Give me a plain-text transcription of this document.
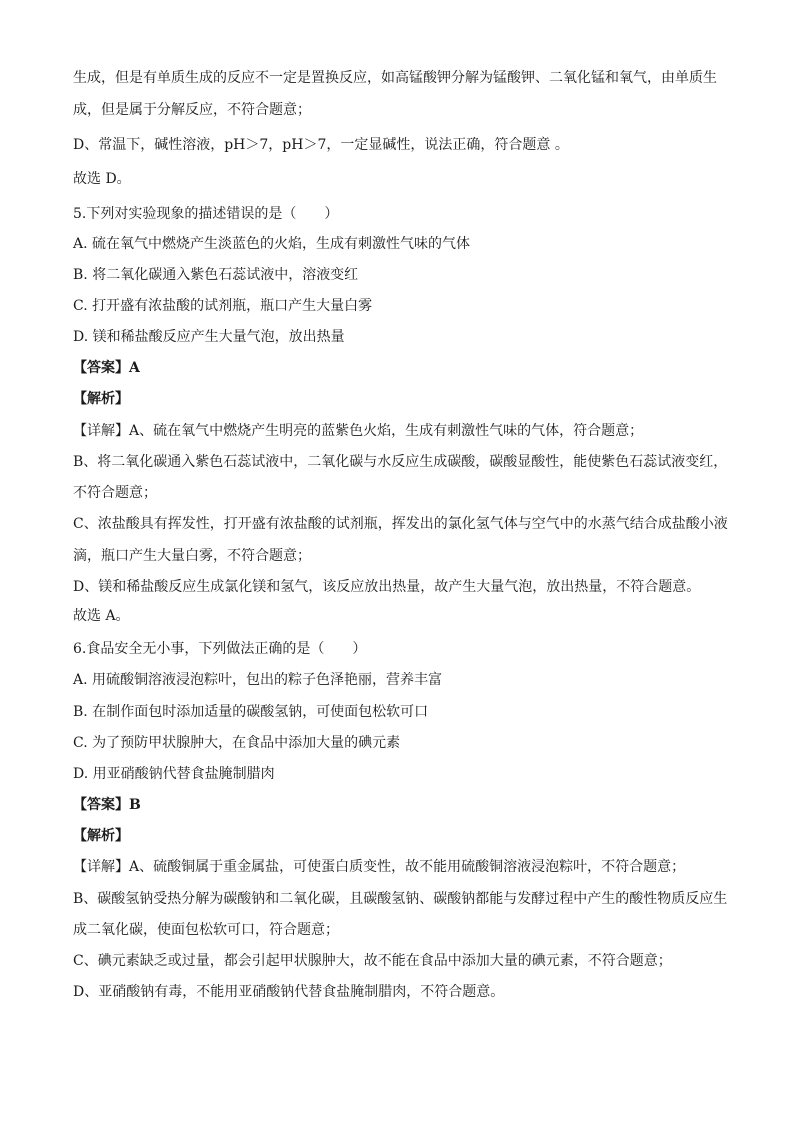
生成，但是有单质生成的反应不一定是置换反应，如高锰酸钾分解为锰酸钾、二氧化锰和氧气，由单质生

成，但是属于分解反应，不符合题意；

D、常温下，碱性溶液，pH＞7，pH＞7，一定显碱性，说法正确，符合题意 。

故选 D。

5.下列对实验现象的描述错误的是（　　）

A. 硫在氧气中燃烧产生淡蓝色的火焰，生成有刺激性气味的气体

B. 将二氧化碳通入紫色石蕊试液中，溶液变红

C. 打开盛有浓盐酸的试剂瓶，瓶口产生大量白雾

D. 镁和稀盐酸反应产生大量气泡，放出热量

【答案】A

【解析】

【详解】A、硫在氧气中燃烧产生明亮的蓝紫色火焰，生成有刺激性气味的气体，符合题意；

B、将二氧化碳通入紫色石蕊试液中，二氧化碳与水反应生成碳酸，碳酸显酸性，能使紫色石蕊试液变红，

不符合题意；

C、浓盐酸具有挥发性，打开盛有浓盐酸的试剂瓶，挥发出的氯化氢气体与空气中的水蒸气结合成盐酸小液

滴，瓶口产生大量白雾，不符合题意；

D、镁和稀盐酸反应生成氯化镁和氢气，该反应放出热量，故产生大量气泡，放出热量，不符合题意。

故选 A。

6.食品安全无小事，下列做法正确的是（　　）

A. 用硫酸铜溶液浸泡粽叶，包出的粽子色泽艳丽，营养丰富

B. 在制作面包时添加适量的碳酸氢钠，可使面包松软可口

C. 为了预防甲状腺肿大，在食品中添加大量的碘元素

D. 用亚硝酸钠代替食盐腌制腊肉

【答案】B

【解析】

【详解】A、硫酸铜属于重金属盐，可使蛋白质变性，故不能用硫酸铜溶液浸泡粽叶，不符合题意；

B、碳酸氢钠受热分解为碳酸钠和二氧化碳，且碳酸氢钠、碳酸钠都能与发酵过程中产生的酸性物质反应生

成二氧化碳，使面包松软可口，符合题意；

C、碘元素缺乏或过量，都会引起甲状腺肿大，故不能在食品中添加大量的碘元素，不符合题意；

D、亚硝酸钠有毒，不能用亚硝酸钠代替食盐腌制腊肉，不符合题意。
